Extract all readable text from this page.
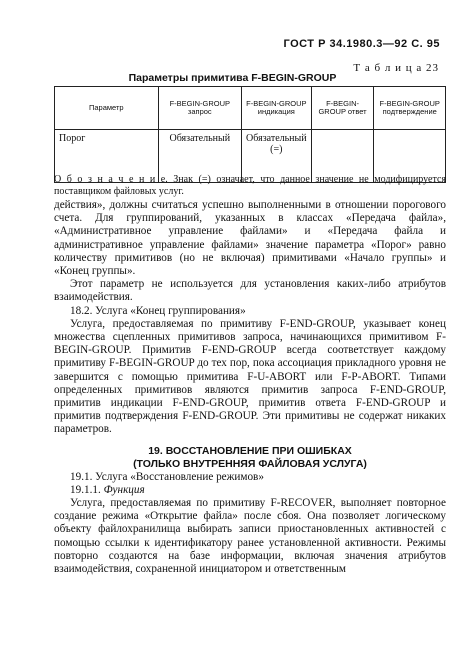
ГОСТ Р 34.1980.3—92 С. 95
Т а б л и ц а 23
Параметры примитива F-BEGIN-GROUP
Параметр	F-BEGIN-GROUP запрос	F-BEGIN-GROUP индикация	F-BEGIN-GROUP ответ	F-BEGIN-GROUP подтверждение
Порог	Обязательный	Обязательный (=)		
О б о з н а ч е н и е. Знак (=) означает, что данное значение не модифицируется поставщиком файловых услуг.

действия», должны считаться успешно выполненными в отношении порогового счета. Для группирований, указанных в классах «Передача файла», «Административное управление файлами» и «Передача файла и административное управление файлами» значение параметра «Порог» равно количеству примитивов (но не включая) примитивами «Начало группы» и «Конец группы».

Этот параметр не используется для установления каких-либо атрибутов взаимодействия.

18.2. Услуга «Конец группирования»

Услуга, предоставляемая по примитиву F-END-GROUP, указывает конец множества сцепленных примитивов запроса, начинающихся примитивом F-BEGIN-GROUP. Примитив F-END-GROUP всегда соответствует каждому примитиву F-BEGIN-GROUP до тех пор, пока ассоциация прикладного уровня не завершится с помощью примитива F-U-ABORT или F-P-ABORT. Типами определенных примитивов являются примитив запроса F-END-GROUP, примитив индикации F-END-GROUP, примитив ответа F-END-GROUP и примитив подтверждения F-END-GROUP. Эти примитивы не содержат никаких параметров.

19. ВОССТАНОВЛЕНИЕ ПРИ ОШИБКАХ
(ТОЛЬКО ВНУТРЕННЯЯ ФАЙЛОВАЯ УСЛУГА)

19.1. Услуга «Восстановление режимов»

19.1.1. Функция

Услуга, предоставляемая по примитиву F-RECOVER, выполняет повторное создание режима «Открытие файла» после сбоя. Она позволяет логическому объекту файлохранилища выбирать записи приостановленных активностей с помощью ссылки к идентификатору ранее установленной активности. Режимы повторно создаются на базе информации, включая значения атрибутов взаимодействия, сохраненной инициатором и ответственным
